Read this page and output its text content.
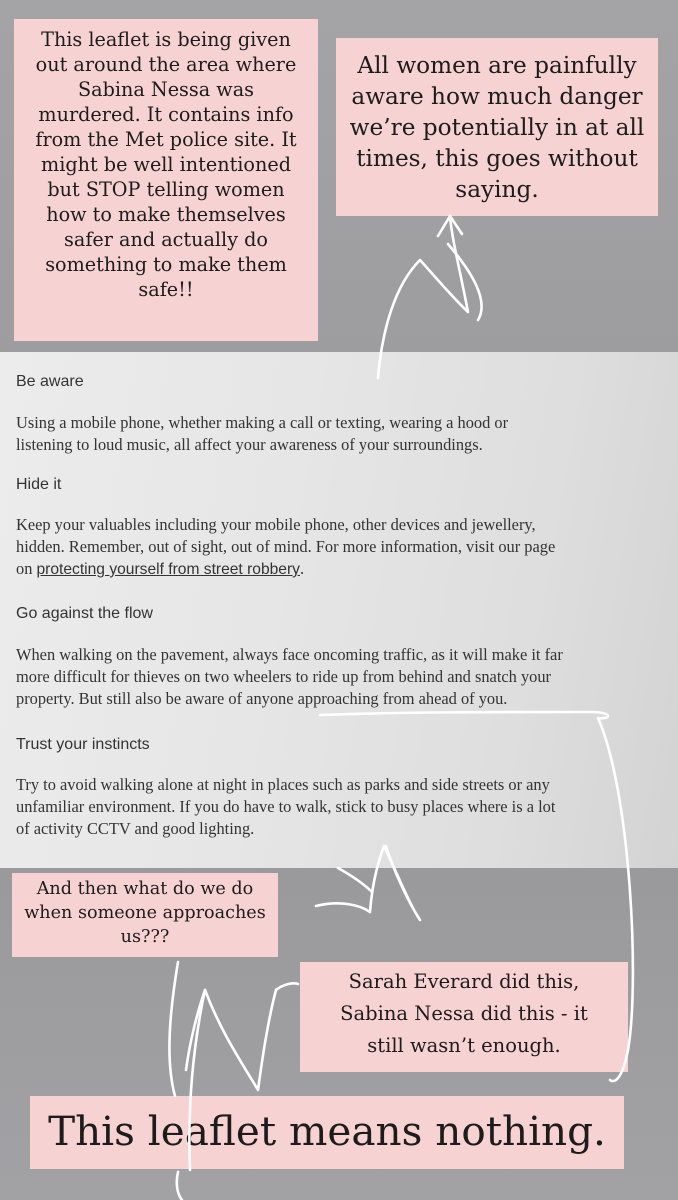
Be aware
Using a mobile phone, whether making a call or texting, wearing a hood or
listening to loud music, all affect your awareness of your surroundings.
Hide it
Keep your valuables including your mobile phone, other devices and jewellery,
hidden. Remember, out of sight, out of mind. For more information, visit our page
on protecting yourself from street robbery.
Go against the flow
When walking on the pavement, always face oncoming traffic, as it will make it far
more difficult for thieves on two wheelers to ride up from behind and snatch your
property. But still also be aware of anyone approaching from ahead of you.
Trust your instincts
Try to avoid walking alone at night in places such as parks and side streets or any
unfamiliar environment. If you do have to walk, stick to busy places where is a lot
of activity CCTV and good lighting.
This leaflet is being given
out around the area where
Sabina Nessa was
murdered. It contains info
from the Met police site. It
might be well intentioned
but STOP telling women
how to make themselves
safer and actually do
something to make them
safe!!
All women are painfully
aware how much danger
we’re potentially in at all
times, this goes without
saying.
And then what do we do
when someone approaches
us???
Sarah Everard did this,
Sabina Nessa did this - it
still wasn’t enough.
This leaflet means nothing.
